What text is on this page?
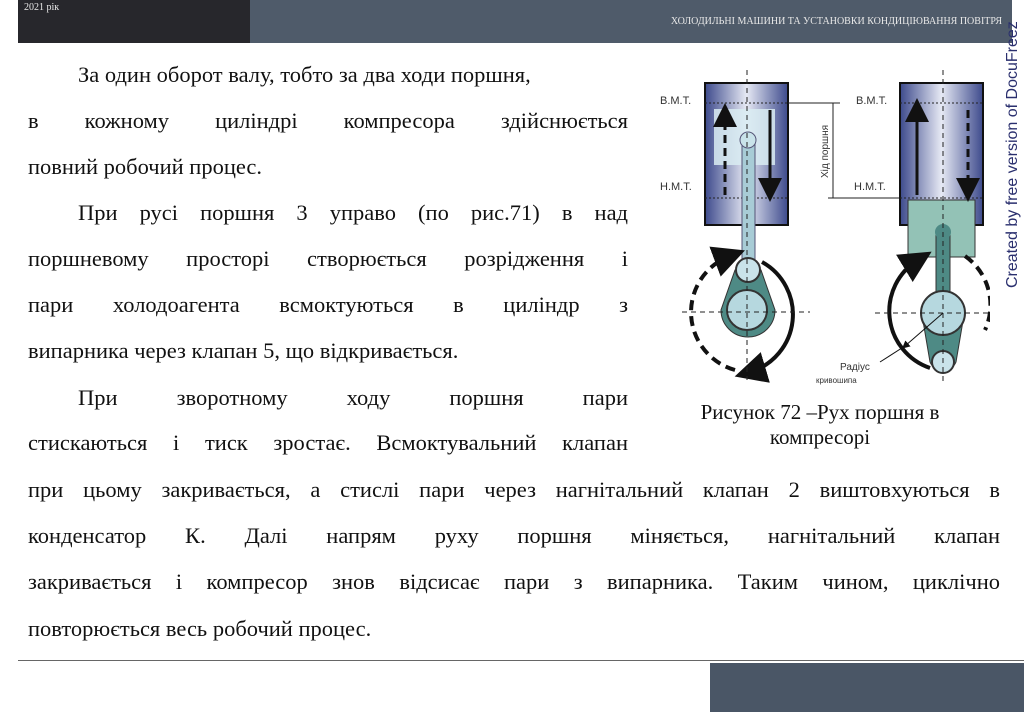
2021 рік
ХОЛОДИЛЬНІ МАШИНИ ТА УСТАНОВКИ КОНДИЦІЮВАННЯ ПОВІТРЯ
За один оборот валу, тобто за два ходи поршня,
в кожному циліндрі компресора здійснюється
повний робочий процес.
При русі поршня 3 управо (по рис.71) в над
поршневому просторі створюється розрідження і
пари холодоагента всмоктуються в циліндр з
випарника через клапан 5, що відкривається.
При зворотному ходу поршня пари
стискаються і тиск зростає. Всмоктувальний клапан
при цьому закривається, а стислі пари через нагнітальний клапан 2 виштовхуються в
конденсатор К. Далі напрям руху поршня міняється, нагнітальний клапан
закривається і компресор знов відсисає пари з випарника. Таким чином, циклічно
повторюється весь робочий процес.
Хід поршня
В.М.Т.
Н.М.Т.
В.М.Т.
Н.М.Т.
Радіус
кривошипа
Рисунок 72 –Рух поршня в
компресорі
Created by free version of DocuFreez
